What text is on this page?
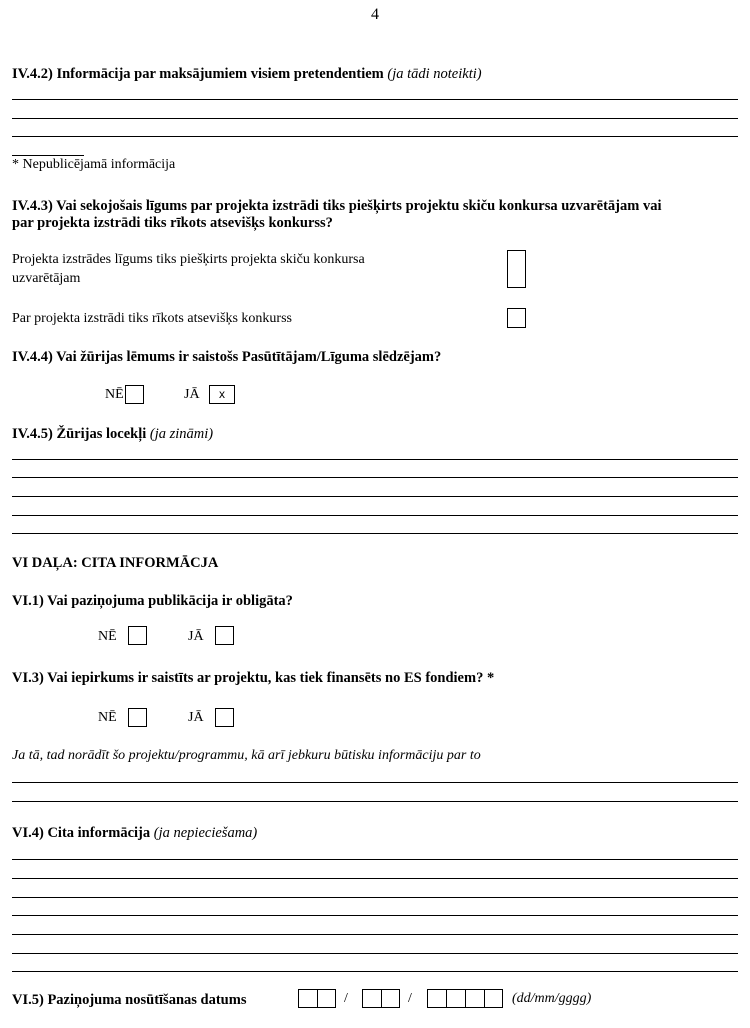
4
IV.4.2) Informācija par maksājumiem visiem pretendentiem (ja tādi noteikti)
* Nepublicējamā informācija
IV.4.3) Vai sekojošais līgums par projekta izstrādi tiks piešķirts projektu skiču konkursa uzvarētājam vai
par projekta izstrādi tiks rīkots atsevišķs konkurss?
Projekta izstrādes līgums tiks piešķirts projekta skiču konkursa
uzvarētājam
Par projekta izstrādi tiks rīkots atsevišķs konkurss
IV.4.4) Vai žūrijas lēmums ir saistošs Pasūtītājam/Līguma slēdzējam?
NĒ	JĀ	x
IV.4.5) Žūrijas locekļi (ja zināmi)
VI DAĻA: CITA INFORMĀCJA
VI.1) Vai paziņojuma publikācija ir obligāta?
NĒ	JĀ
VI.3) Vai iepirkums ir saistīts ar projektu, kas tiek finansēts no ES fondiem? *
NĒ	JĀ
Ja tā, tad norādīt šo projektu/programmu, kā arī jebkuru būtisku informāciju par to
VI.4) Cita informācija (ja nepieciešama)
VI.5) Paziņojuma nosūtīšanas datums	/	/	(dd/mm/gggg)
